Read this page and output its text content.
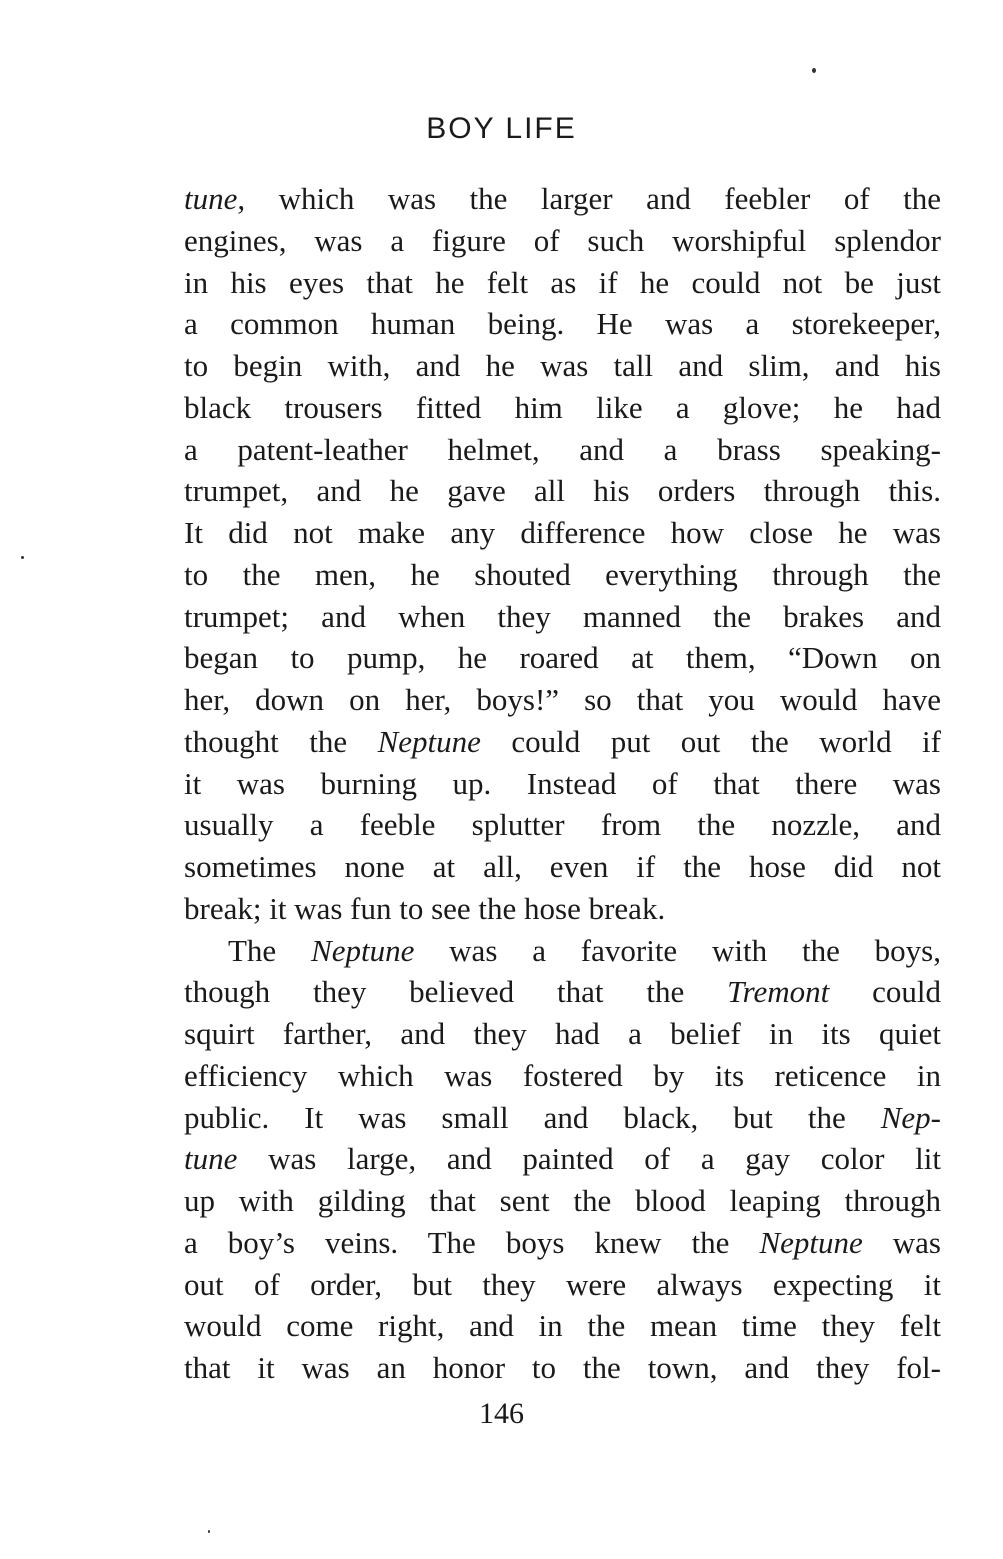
BOY LIFE
tune, which was the larger and feebler of the
engines, was a figure of such worshipful splendor
in his eyes that he felt as if he could not be just
a common human being. He was a storekeeper,
to begin with, and he was tall and slim, and his
black trousers fitted him like a glove; he had
a patent-leather helmet, and a brass speaking-
trumpet, and he gave all his orders through this.
It did not make any difference how close he was
to the men, he shouted everything through the
trumpet; and when they manned the brakes and
began to pump, he roared at them, “Down on
her, down on her, boys!” so that you would have
thought the Neptune could put out the world if
it was burning up. Instead of that there was
usually a feeble splutter from the nozzle, and
sometimes none at all, even if the hose did not
break; it was fun to see the hose break.
The Neptune was a favorite with the boys,
though they believed that the Tremont could
squirt farther, and they had a belief in its quiet
efficiency which was fostered by its reticence in
public. It was small and black, but the Nep-
tune was large, and painted of a gay color lit
up with gilding that sent the blood leaping through
a boy’s veins. The boys knew the Neptune was
out of order, but they were always expecting it
would come right, and in the mean time they felt
that it was an honor to the town, and they fol-
146
